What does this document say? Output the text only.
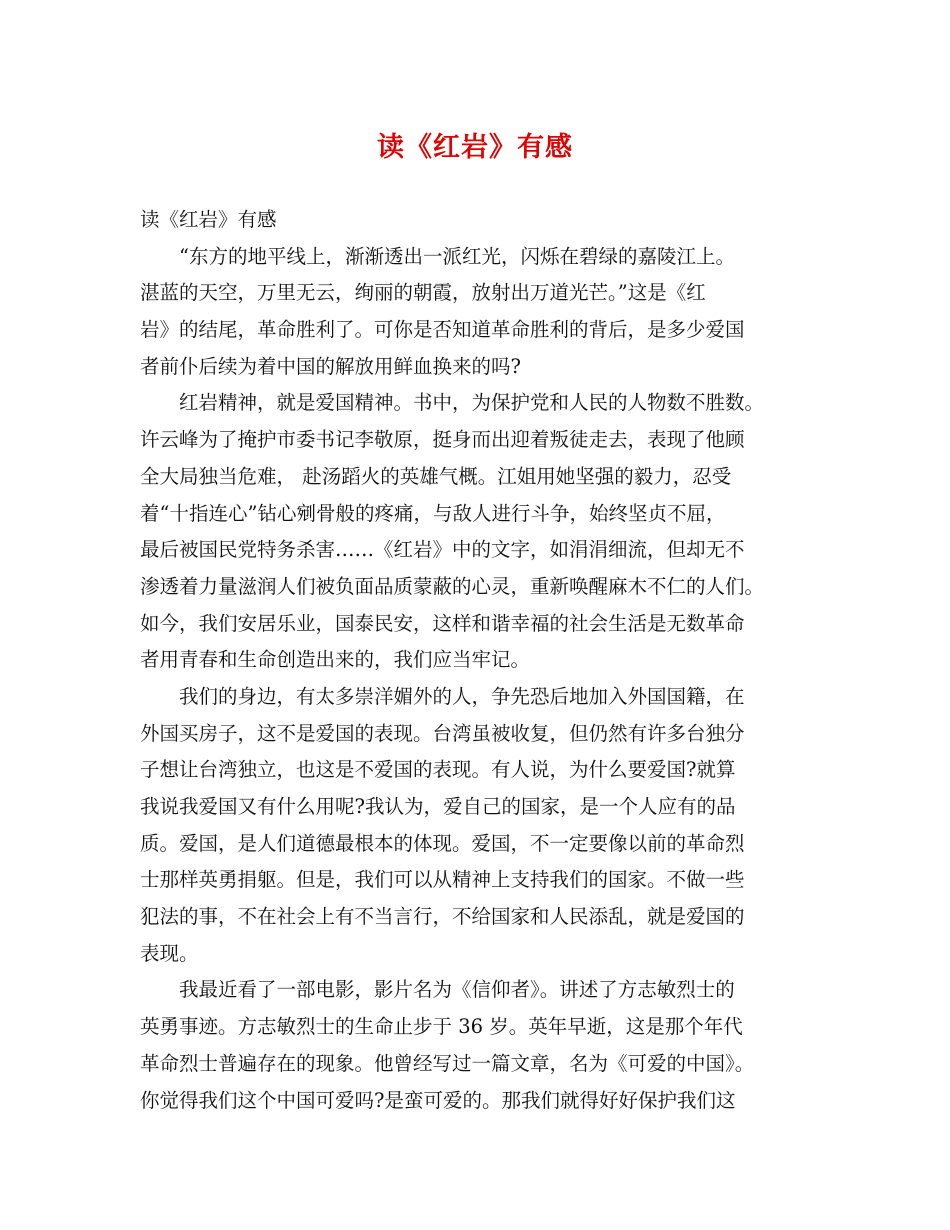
读《红岩》有感
读《红岩》有感
　　“东方的地平线上，渐渐透出一派红光，闪烁在碧绿的嘉陵江上。
湛蓝的天空，万里无云，绚丽的朝霞，放射出万道光芒。”这是《红
岩》的结尾，革命胜利了。可你是否知道革命胜利的背后，是多少爱国
者前仆后续为着中国的解放用鲜血换来的吗?
　　红岩精神，就是爱国精神。书中，为保护党和人民的人物数不胜数。
许云峰为了掩护市委书记李敬原，挺身而出迎着叛徒走去，表现了他顾
全大局独当危难， 赴汤蹈火的英雄气概。江姐用她坚强的毅力，忍受
着“十指连心”钻心剜骨般的疼痛，与敌人进行斗争，始终坚贞不屈，
最后被国民党特务杀害……《红岩》中的文字，如涓涓细流，但却无不
渗透着力量滋润人们被负面品质蒙蔽的心灵，重新唤醒麻木不仁的人们。
如今，我们安居乐业，国泰民安，这样和谐幸福的社会生活是无数革命
者用青春和生命创造出来的，我们应当牢记。
　　我们的身边，有太多崇洋媚外的人，争先恐后地加入外国国籍，在
外国买房子，这不是爱国的表现。台湾虽被收复，但仍然有许多台独分
子想让台湾独立，也这是不爱国的表现。有人说，为什么要爱国?就算
我说我爱国又有什么用呢?我认为，爱自己的国家，是一个人应有的品
质。爱国，是人们道德最根本的体现。爱国，不一定要像以前的革命烈
士那样英勇捐躯。但是，我们可以从精神上支持我们的国家。不做一些
犯法的事，不在社会上有不当言行，不给国家和人民添乱，就是爱国的
表现。
　　我最近看了一部电影，影片名为《信仰者》。讲述了方志敏烈士的
英勇事迹。方志敏烈士的生命止步于 36 岁。英年早逝，这是那个年代
革命烈士普遍存在的现象。他曾经写过一篇文章，名为《可爱的中国》。
你觉得我们这个中国可爱吗?是蛮可爱的。那我们就得好好保护我们这
